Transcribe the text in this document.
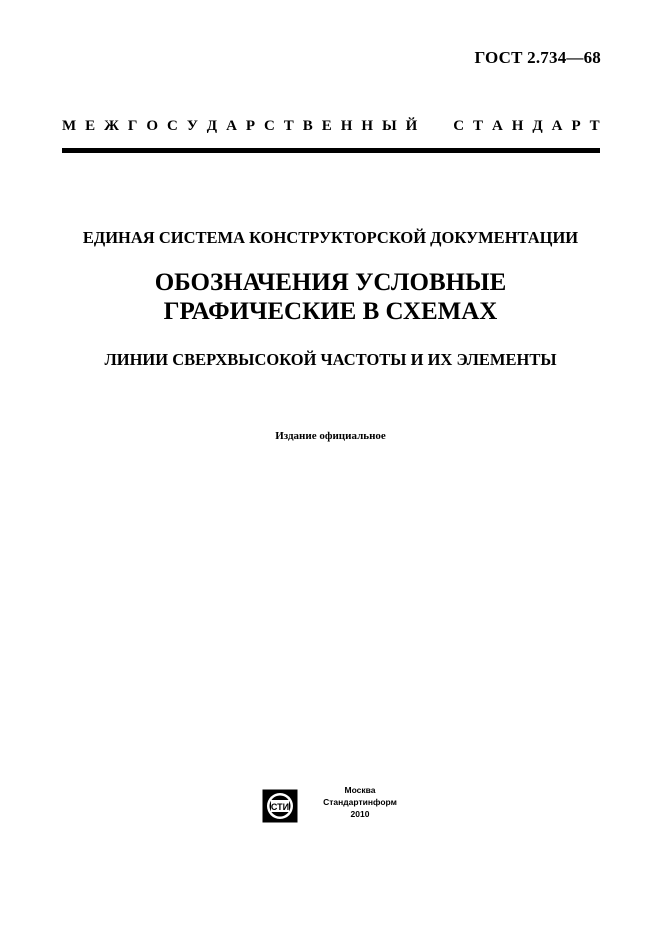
ГОСТ 2.734—68
М Е Ж Г О С У Д А Р С Т В Е Н Н Ы Й С Т А Н Д А Р Т
ЕДИНАЯ СИСТЕМА КОНСТРУКТОРСКОЙ ДОКУМЕНТАЦИИ
ОБОЗНАЧЕНИЯ УСЛОВНЫЕ
ГРАФИЧЕСКИЕ В СХЕМАХ
ЛИНИИ СВЕРХВЫСОКОЙ ЧАСТОТЫ И ИХ ЭЛЕМЕНТЫ
Издание официальное
СТИ
Москва
Стандартинформ
2010
